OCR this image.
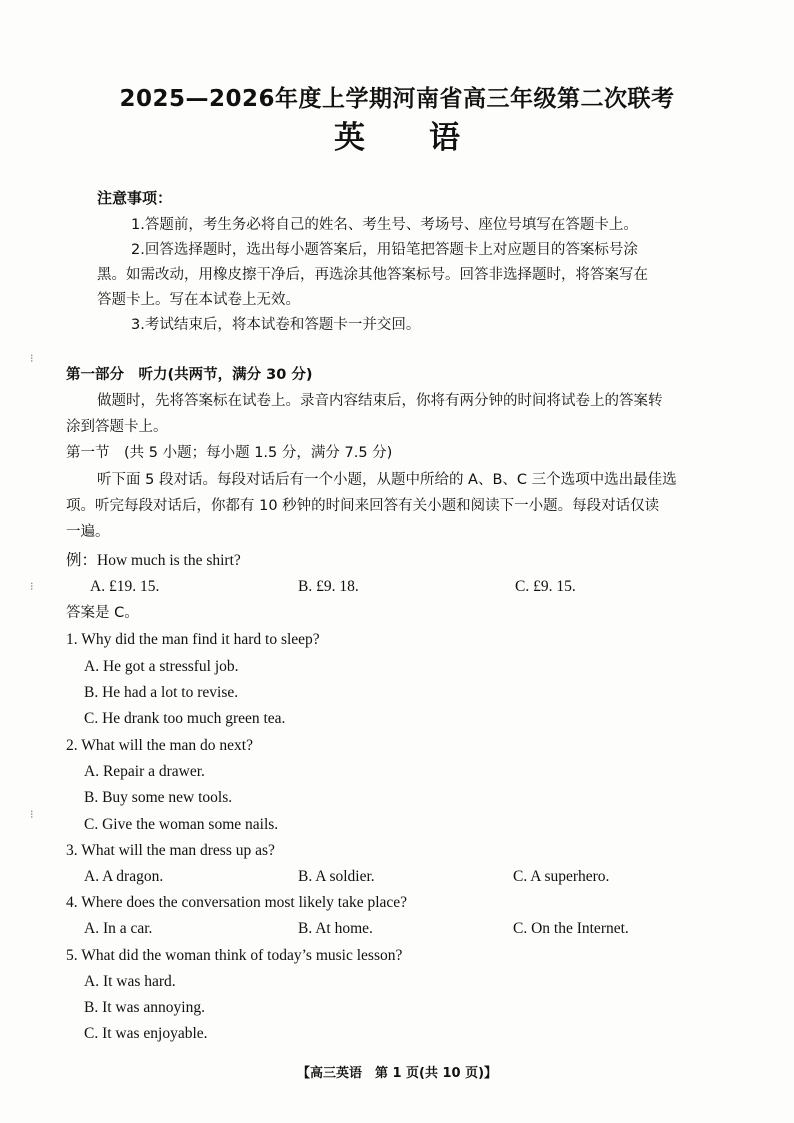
2025—2026年度上学期河南省高三年级第二次联考
英语
注意事项：
1.答题前，考生务必将自己的姓名、考生号、考场号、座位号填写在答题卡上。
2.回答选择题时，选出每小题答案后，用铅笔把答题卡上对应题目的答案标号涂
黑。如需改动，用橡皮擦干净后，再选涂其他答案标号。回答非选择题时，将答案写在
答题卡上。写在本试卷上无效。
3.考试结束后，将本试卷和答题卡一并交回。
第一部分　听力(共两节，满分 30 分)
做题时，先将答案标在试卷上。录音内容结束后，你将有两分钟的时间将试卷上的答案转
涂到答题卡上。
第一节　(共 5 小题；每小题 1.5 分，满分 7.5 分)
听下面 5 段对话。每段对话后有一个小题，从题中所给的 A、B、C 三个选项中选出最佳选
项。听完每段对话后，你都有 10 秒钟的时间来回答有关小题和阅读下一小题。每段对话仅读
一遍。
例：How much is the shirt?
A. £19. 15.	B. £9. 18.	C. £9. 15.
答案是 C。
1. Why did the man find it hard to sleep?
A. He got a stressful job.
B. He had a lot to revise.
C. He drank too much green tea.
2. What will the man do next?
A. Repair a drawer.
B. Buy some new tools.
C. Give the woman some nails.
3. What will the man dress up as?
A. A dragon.	B. A soldier.	C. A superhero.
4. Where does the conversation most likely take place?
A. In a car.	B. At home.	C. On the Internet.
5. What did the woman think of today’s music lesson?
A. It was hard.
B. It was annoying.
C. It was enjoyable.
⁝
⁝
⁝
【高三英语　第 1 页(共 10 页)】
